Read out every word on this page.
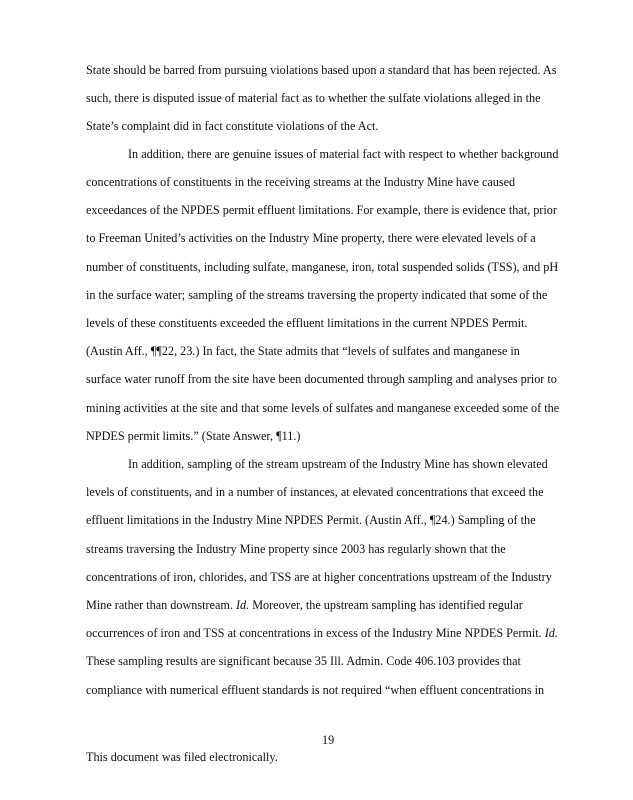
State should be barred from pursuing violations based upon a standard that has been rejected. As
such, there is disputed issue of material fact as to whether the sulfate violations alleged in the
State’s complaint did in fact constitute violations of the Act.
In addition, there are genuine issues of material fact with respect to whether background
concentrations of constituents in the receiving streams at the Industry Mine have caused
exceedances of the NPDES permit effluent limitations. For example, there is evidence that, prior
to Freeman United’s activities on the Industry Mine property, there were elevated levels of a
number of constituents, including sulfate, manganese, iron, total suspended solids (TSS), and pH
in the surface water; sampling of the streams traversing the property indicated that some of the
levels of these constituents exceeded the effluent limitations in the current NPDES Permit.
(Austin Aff., ¶¶22, 23.) In fact, the State admits that “levels of sulfates and manganese in
surface water runoff from the site have been documented through sampling and analyses prior to
mining activities at the site and that some levels of sulfates and manganese exceeded some of the
NPDES permit limits.” (State Answer, ¶11.)
In addition, sampling of the stream upstream of the Industry Mine has shown elevated
levels of constituents, and in a number of instances, at elevated concentrations that exceed the
effluent limitations in the Industry Mine NPDES Permit. (Austin Aff., ¶24.) Sampling of the
streams traversing the Industry Mine property since 2003 has regularly shown that the
concentrations of iron, chlorides, and TSS are at higher concentrations upstream of the Industry
Mine rather than downstream. Id. Moreover, the upstream sampling has identified regular
occurrences of iron and TSS at concentrations in excess of the Industry Mine NPDES Permit. Id.
These sampling results are significant because 35 Ill. Admin. Code 406.103 provides that
compliance with numerical effluent standards is not required “when effluent concentrations in
19
This document was filed electronically.
